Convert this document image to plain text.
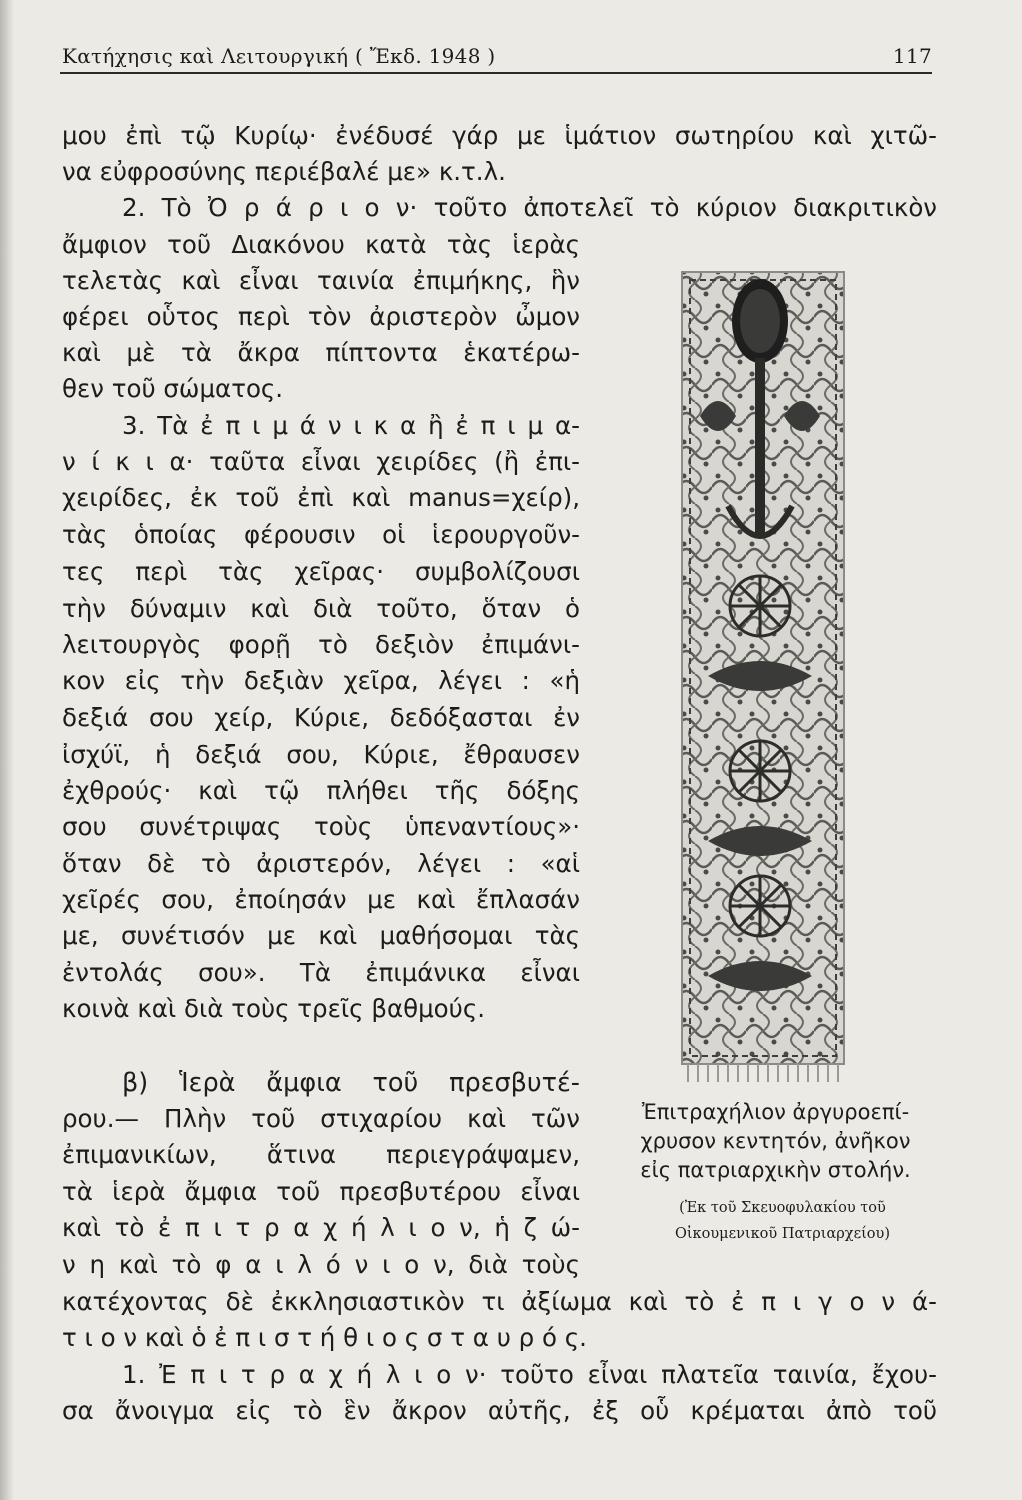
Κατήχησις καὶ Λειτουργική ( Ἔκδ. 1948 )	117
μου ἐπὶ τῷ Κυρίῳ· ἐνέδυσέ γάρ με ἱμάτιον σωτηρίου καὶ χιτῶ-
να εὐφροσύνης περιέβαλέ με» κ.τ.λ.
2. Τὸ Ὀ ρ ά ρ ι ο ν· τοῦτο ἀποτελεῖ τὸ κύριον διακριτικὸν
ἄμφιον τοῦ Διακόνου κατὰ τὰς ἱερὰς
τελετὰς καὶ εἶναι ταινία ἐπιμήκης, ἣν
φέρει οὗτος περὶ τὸν ἀριστερὸν ὦμον
καὶ μὲ τὰ ἄκρα πίπτοντα ἑκατέρω-
θεν τοῦ σώματος.
3. Τὰ ἐ π ι μ ά ν ι κ α ἢ ἐ π ι μ α-
ν ί κ ι α· ταῦτα εἶναι χειρίδες (ἢ ἐπι-
χειρίδες, ἐκ τοῦ ἐπὶ καὶ manus=χείρ),
τὰς ὁποίας φέρουσιν οἱ ἱερουργοῦν-
τες περὶ τὰς χεῖρας· συμβολίζουσι
τὴν δύναμιν καὶ διὰ τοῦτο, ὅταν ὁ
λειτουργὸς φορῇ τὸ δεξιὸν ἐπιμάνι-
κον εἰς τὴν δεξιὰν χεῖρα, λέγει : «ἡ
δεξιά σου χείρ, Κύριε, δεδόξασται ἐν
ἰσχύϊ, ἡ δεξιά σου, Κύριε, ἔθραυσεν
ἐχθρούς· καὶ τῷ πλήθει τῆς δόξης
σου συνέτριψας τοὺς ὑπεναντίους»·
ὅταν δὲ τὸ ἀριστερόν, λέγει : «αἱ
χεῖρές σου, ἐποίησάν με καὶ ἔπλασάν
με, συνέτισόν με καὶ μαθήσομαι τὰς
ἐντολάς σου». Τὰ ἐπιμάνικα εἶναι
κοινὰ καὶ διὰ τοὺς τρεῖς βαθμούς.
β) Ἱερὰ ἄμφια τοῦ πρεσβυτέ-
ρου.— Πλὴν τοῦ στιχαρίου καὶ τῶν
ἐπιμανικίων, ἅτινα περιεγράψαμεν,
τὰ ἱερὰ ἄμφια τοῦ πρεσβυτέρου εἶναι
καὶ τὸ ἐ π ι τ ρ α χ ή λ ι ο ν, ἡ ζ ώ-
ν η καὶ τὸ φ α ι λ ό ν ι ο ν, διὰ τοὺς
κατέχοντας δὲ ἐκκλησιαστικὸν τι ἀξίωμα καὶ τὸ ἐ π ι γ ο ν ά-
τ ι ο ν καὶ ὁ ἐ π ι σ τ ή θ ι ο ς σ τ α υ ρ ό ς.
1. Ἐ π ι τ ρ α χ ή λ ι ο ν· τοῦτο εἶναι πλατεῖα ταινία, ἔχου-
σα ἄνοιγμα εἰς τὸ ἓν ἄκρον αὐτῆς, ἐξ οὗ κρέμαται ἀπὸ τοῦ
Ἐπιτραχήλιον ἀργυροεπί-
χρυσον κεντητόν, ἀνῆκον
εἰς πατριαρχικὴν στολήν.
(Ἐκ τοῦ Σκευοφυλακίου τοῦ
Οἰκουμενικοῦ Πατριαρχείου)
